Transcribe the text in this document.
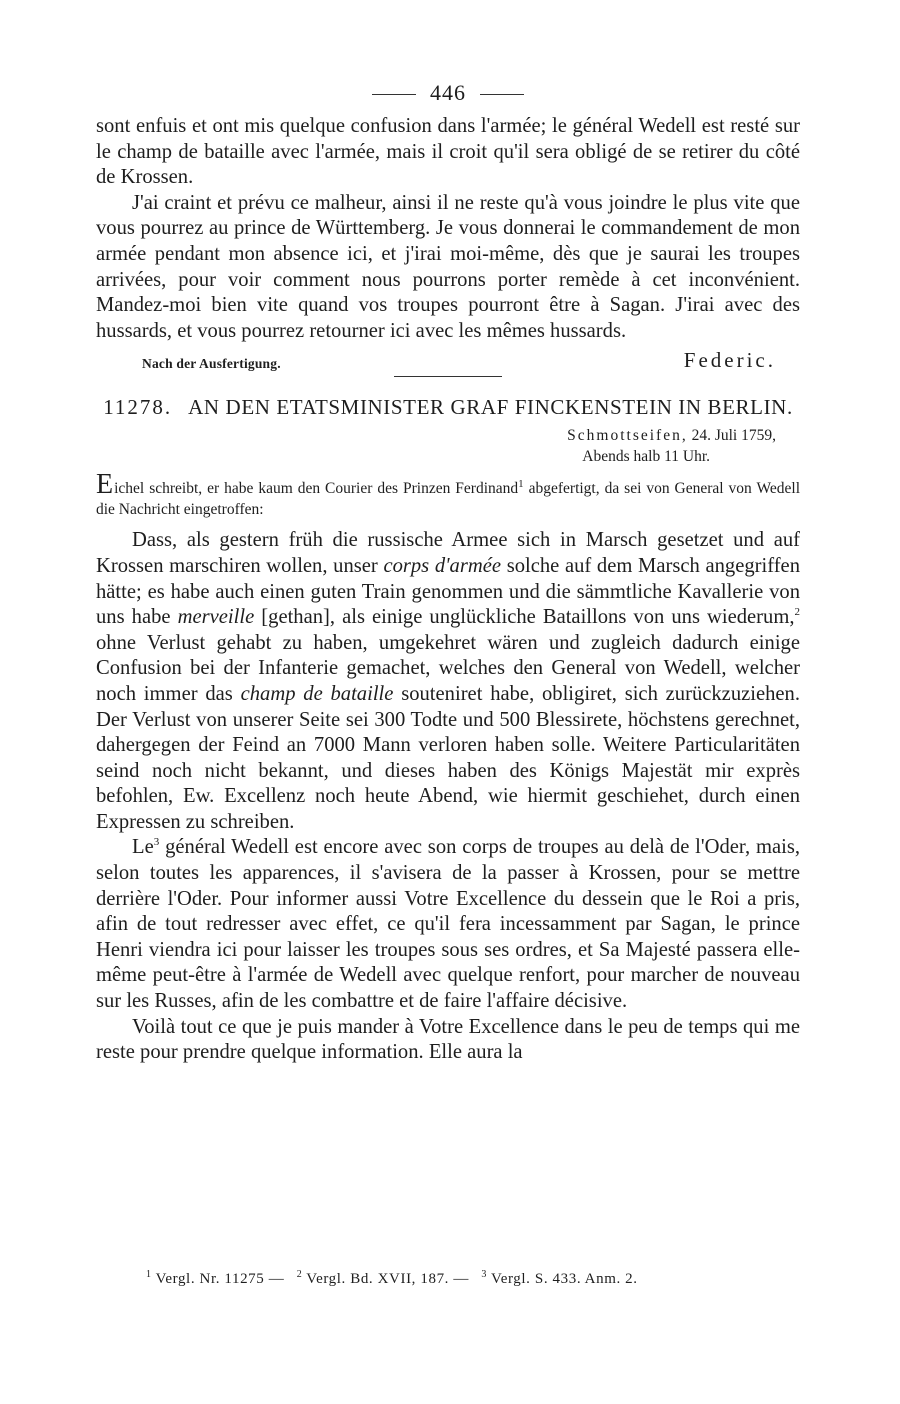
446

sont enfuis et ont mis quelque confusion dans l'armée; le général Wedell est resté sur le champ de bataille avec l'armée, mais il croit qu'il sera obligé de se retirer du côté de Krossen.

J'ai craint et prévu ce malheur, ainsi il ne reste qu'à vous joindre le plus vite que vous pourrez au prince de Württemberg. Je vous donnerai le commandement de mon armée pendant mon absence ici, et j'irai moi-même, dès que je saurai les troupes arrivées, pour voir comment nous pourrons porter remède à cet inconvénient. Mandez-moi bien vite quand vos troupes pourront être à Sagan. J'irai avec des hussards, et vous pourrez retourner ici avec les mêmes hussards.

Nach der Ausfertigung.	Federic.
11278. AN DEN ETATSMINISTER GRAF FINCKENSTEIN IN BERLIN.
Schmottseifen, 24. Juli 1759,
Abends halb 11 Uhr.

Eichel schreibt, er habe kaum den Courier des Prinzen Ferdinand$^1$ abgefertigt, da sei von General von Wedell die Nachricht eingetroffen:

Dass, als gestern früh die russische Armee sich in Marsch gesetzet und auf Krossen marschiren wollen, unser corps d'armée solche auf dem Marsch angegriffen hätte; es habe auch einen guten Train genommen und die sämmtliche Kavallerie von uns habe merveille [gethan], als einige unglückliche Bataillons von uns wiederum,$^2$ ohne Verlust gehabt zu haben, umgekehret wären und zugleich dadurch einige Confusion bei der Infanterie gemachet, welches den General von Wedell, welcher noch immer das champ de bataille souteniret habe, obligiret, sich zurückzuziehen. Der Verlust von unserer Seite sei 300 Todte und 500 Blessirete, höchstens gerechnet, dahergegen der Feind an 7000 Mann verloren haben solle. Weitere Particularitäten seind noch nicht bekannt, und dieses haben des Königs Majestät mir exprès befohlen, Ew. Excellenz noch heute Abend, wie hiermit geschiehet, durch einen Expressen zu schreiben.

Le$^3$ général Wedell est encore avec son corps de troupes au delà de l'Oder, mais, selon toutes les apparences, il s'avisera de la passer à Krossen, pour se mettre derrière l'Oder. Pour informer aussi Votre Excellence du dessein que le Roi a pris, afin de tout redresser avec effet, ce qu'il fera incessamment par Sagan, le prince Henri viendra ici pour laisser les troupes sous ses ordres, et Sa Majesté passera elle-même peut-être à l'armée de Wedell avec quelque renfort, pour marcher de nouveau sur les Russes, afin de les combattre et de faire l'affaire décisive.

Voilà tout ce que je puis mander à Votre Excellence dans le peu de temps qui me reste pour prendre quelque information. Elle aura la

$^1$ Vergl. Nr. 11275 — $^2$ Vergl. Bd. XVII, 187. — $^3$ Vergl. S. 433. Anm. 2.
